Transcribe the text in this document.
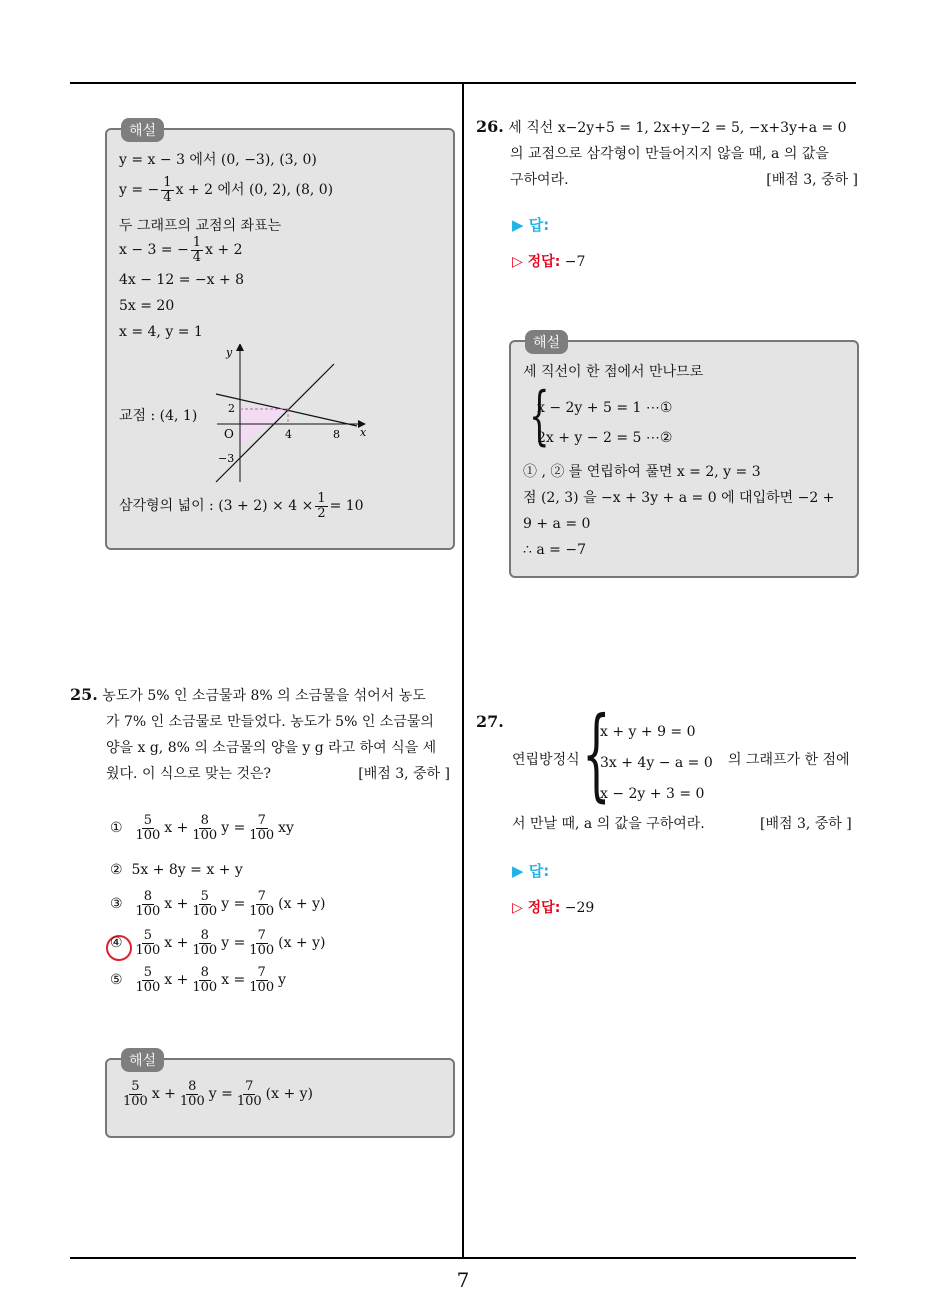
7
해설
y = x − 3 에서 (0, −3), (3, 0)
y = − $\frac{1}{4}$ x + 2 에서 (0, 2), (8, 0)
두 그래프의 교점의 좌표는
x − 3 = − $\frac{1}{4}$ x + 2
4x − 12 = −x + 8
5x = 20
x = 4, y = 1
교점 : (4, 1)
y
x
O
2
4	8
−3
삼각형의 넓이 : $(3 + 2) \times 4 \times \frac{1}{2} = 10$
25. 농도가 5% 인 소금물과 8% 의 소금물을 섞어서 농도
가 7% 인 소금물로 만들었다. 농도가 5% 인 소금물의
양을 x g, 8% 의 소금물의 양을 y g 라고 하여 식을 세
웠다. 이 식으로 맞는 것은?	[배점 3, 중하 ]
① $\frac{5}{100}$ $x + \frac{8}{100}$ $y = \frac{7}{100}$ xy
② 5x + 8y = x + y
③ $\frac{8}{100}$ $x + \frac{5}{100}$ $y = \frac{7}{100} (x + y)$
④ $\frac{5}{100}$ $x + \frac{8}{100}$ $y = \frac{7}{100} (x + y)$
⑤ $\frac{5}{100}$ $x + \frac{8}{100}$ $x = \frac{7}{100}$ y
해설
$\frac{5}{100}$ $x + \frac{8}{100}$ $y = \frac{7}{100} (x + y)$
26. 세 직선 x−2y+5 = 1, 2x+y−2 = 5, −x+3y+a = 0
의 교점으로 삼각형이 만들어지지 않을 때, a 의 값을
구하여라.	[배점 3, 중하 ]
▶ 답:
▷ 정답: −7
해설
세 직선이 한 점에서 만나므로
{
x − 2y + 5 = 1 ⋯①
2x + y − 2 = 5 ⋯②
① , ② 를 연립하여 풀면 x = 2, y = 3
점 (2, 3) 을 −x + 3y + a = 0 에 대입하면 −2 +
9 + a = 0
∴ a = −7
27.
연립방정식 {
x + y + 9 = 0
3x + 4y − a = 0
x − 2y + 3 = 0
의 그래프가 한 점에
서 만날 때, a 의 값을 구하여라.	[배점 3, 중하 ]
▶ 답:
▷ 정답: −29
